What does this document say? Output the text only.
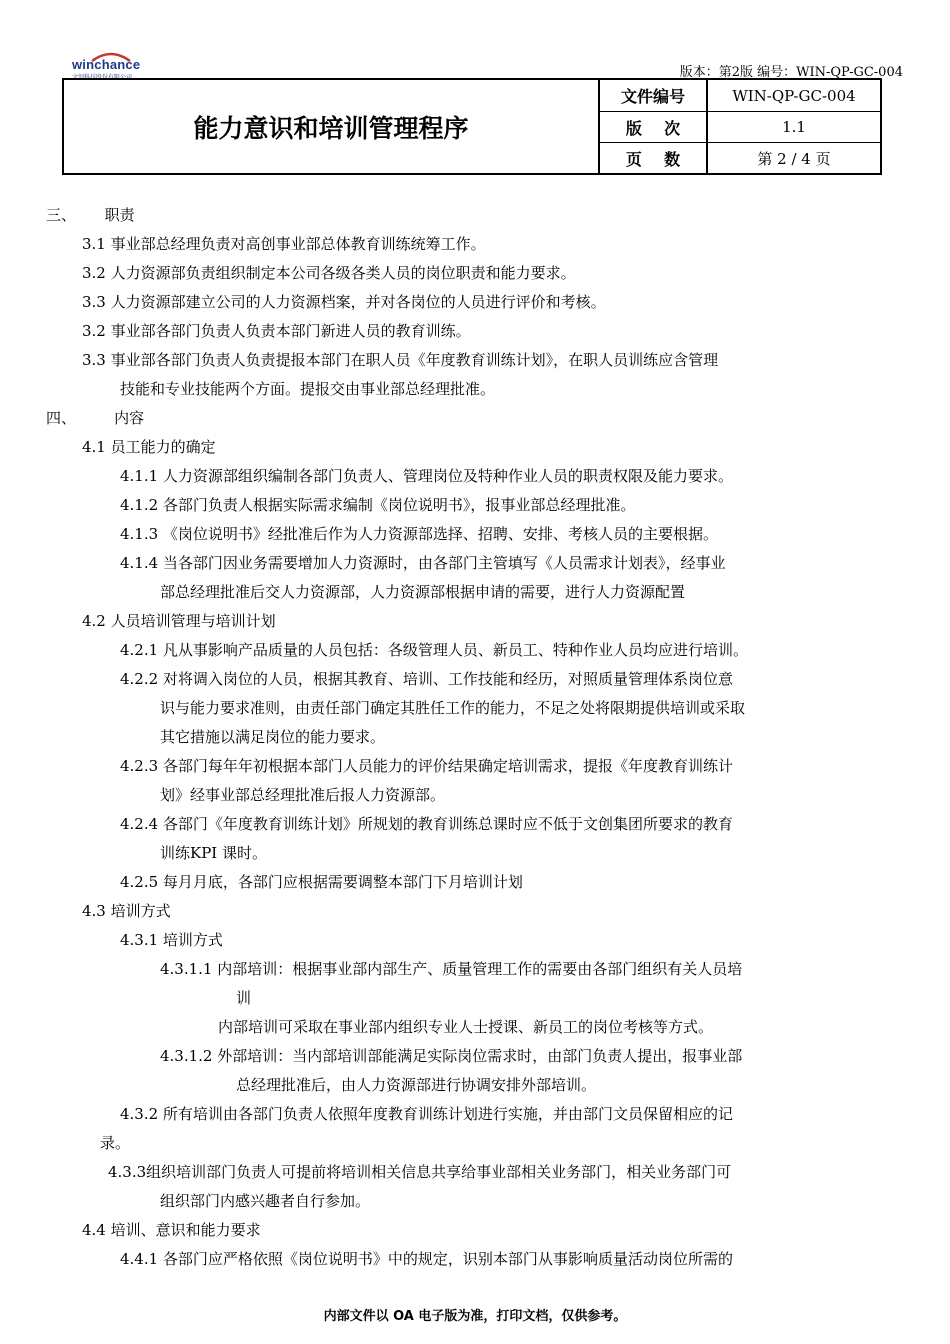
winchance
文创科技股份有限公司	版本：第2版 编号：WIN-QP-GC-004
能力意识和培训管理程序
文件编号	WIN-QP-GC-004
版    次	1.1
页    数	第 2 / 4 页
三、      职责
3.1 事业部总经理负责对高创事业部总体教育训练统筹工作。
3.2 人力资源部负责组织制定本公司各级各类人员的岗位职责和能力要求。
3.3 人力资源部建立公司的人力资源档案，并对各岗位的人员进行评价和考核。
3.2 事业部各部门负责人负责本部门新进人员的教育训练。
3.3 事业部各部门负责人负责提报本部门在职人员《年度教育训练计划》，在职人员训练应含管理
技能和专业技能两个方面。提报交由事业部总经理批准。
四、        内容
4.1 员工能力的确定
4.1.1 人力资源部组织编制各部门负责人、管理岗位及特种作业人员的职责权限及能力要求。
4.1.2 各部门负责人根据实际需求编制《岗位说明书》，报事业部总经理批准。
4.1.3 《岗位说明书》经批准后作为人力资源部选择、招聘、安排、考核人员的主要根据。
4.1.4 当各部门因业务需要增加人力资源时，由各部门主管填写《人员需求计划表》，经事业
部总经理批准后交人力资源部，人力资源部根据申请的需要，进行人力资源配置
4.2 人员培训管理与培训计划
4.2.1 凡从事影响产品质量的人员包括：各级管理人员、新员工、特种作业人员均应进行培训。
4.2.2 对将调入岗位的人员，根据其教育、培训、工作技能和经历，对照质量管理体系岗位意
识与能力要求准则，由责任部门确定其胜任工作的能力，不足之处将限期提供培训或采取
其它措施以满足岗位的能力要求。
4.2.3 各部门每年年初根据本部门人员能力的评价结果确定培训需求，提报《年度教育训练计
划》经事业部总经理批准后报人力资源部。
4.2.4 各部门《年度教育训练计划》所规划的教育训练总课时应不低于文创集团所要求的教育
训练KPI 课时。
4.2.5 每月月底，各部门应根据需要调整本部门下月培训计划
4.3 培训方式
4.3.1 培训方式
4.3.1.1 内部培训：根据事业部内部生产、质量管理工作的需要由各部门组织有关人员培
训
内部培训可采取在事业部内组织专业人士授课、新员工的岗位考核等方式。
4.3.1.2 外部培训：当内部培训部能满足实际岗位需求时，由部门负责人提出，报事业部
总经理批准后，由人力资源部进行协调安排外部培训。
4.3.2 所有培训由各部门负责人依照年度教育训练计划进行实施，并由部门文员保留相应的记
录。
4.3.3组织培训部门负责人可提前将培训相关信息共享给事业部相关业务部门，相关业务部门可
组织部门内感兴趣者自行参加。
4.4 培训、意识和能力要求
4.4.1 各部门应严格依照《岗位说明书》中的规定，识别本部门从事影响质量活动岗位所需的
内部文件以 OA 电子版为准，打印文档，仅供参考。
